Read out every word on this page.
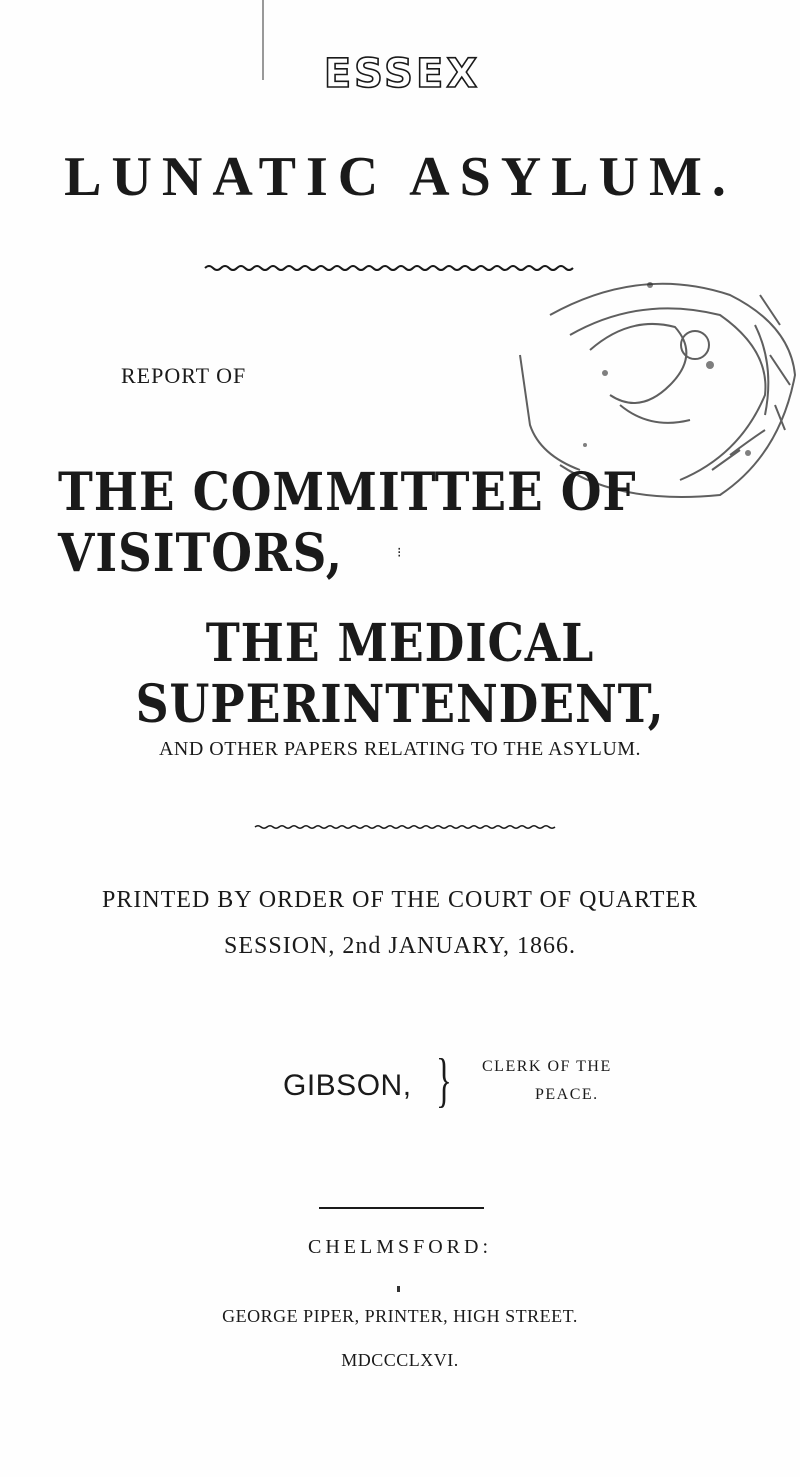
ESSEX
LUNATIC ASYLUM.
REPORT OF
THE COMMITTEE OF VISITORS,	⁝
THE MEDICAL SUPERINTENDENT,
AND OTHER PAPERS RELATING TO THE ASYLUM.
PRINTED BY ORDER OF THE COURT OF QUARTER
SESSION, 2nd JANUARY, 1866.
GIBSON, } CLERK OF THE
PEACE.
CHELMSFORD:
GEORGE PIPER, PRINTER, HIGH STREET.
MDCCCLXVI.
